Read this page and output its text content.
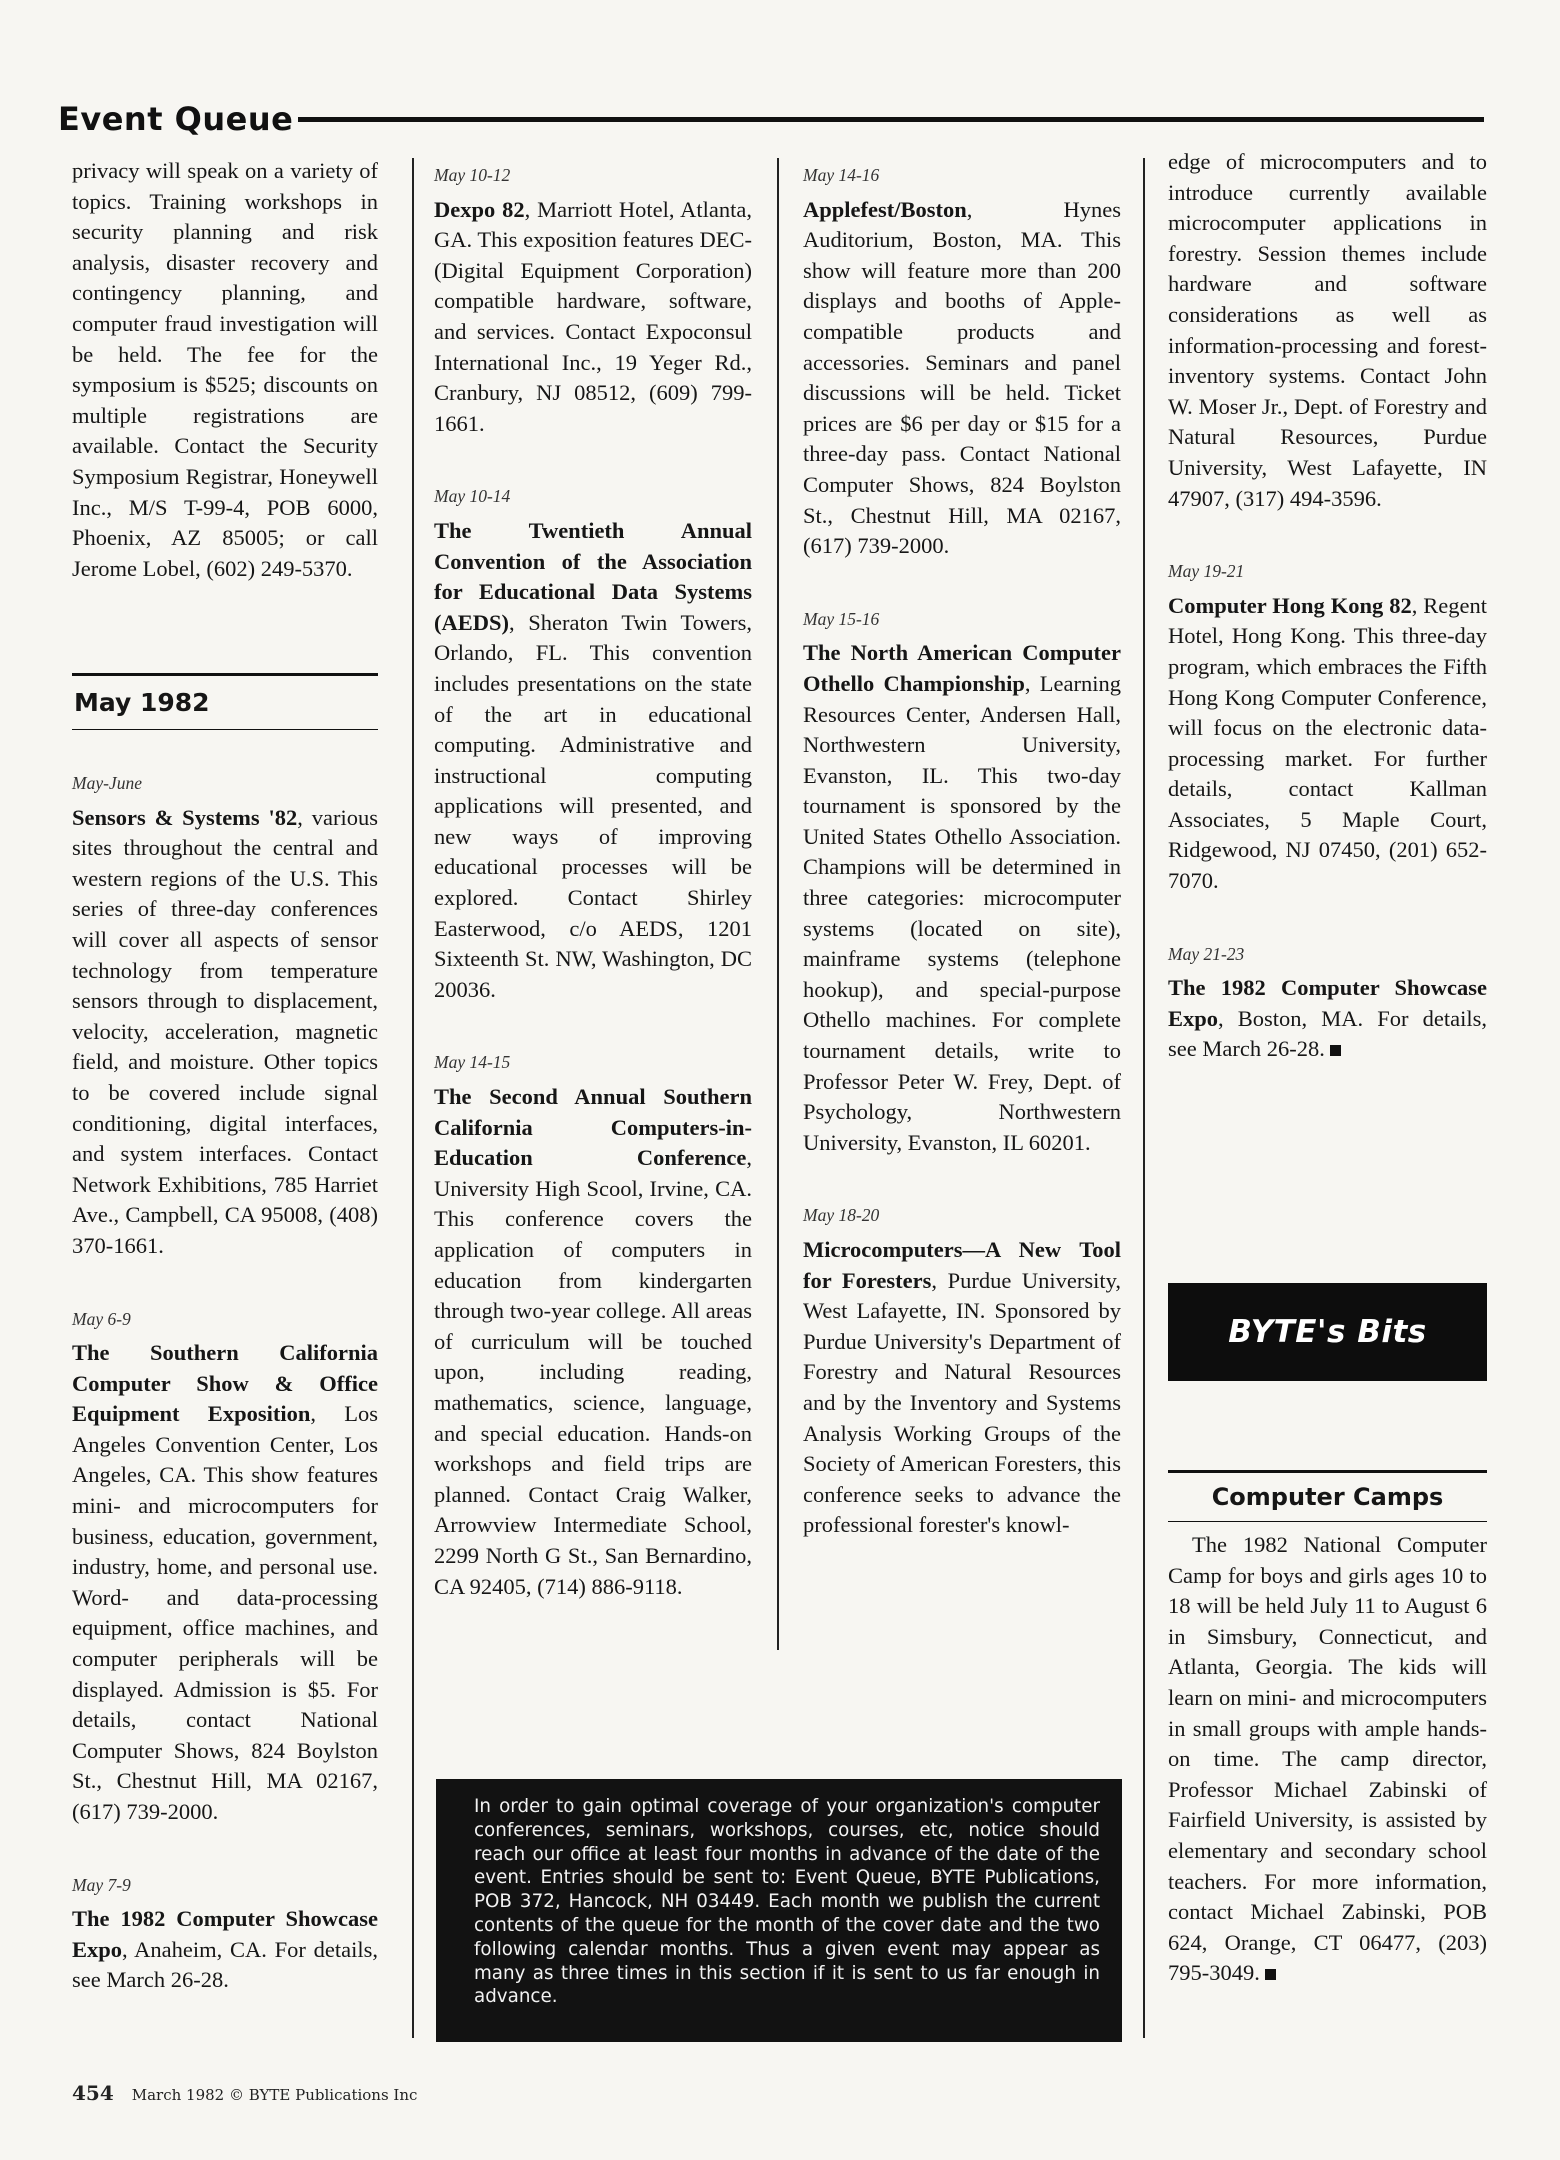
Event Queue

privacy will speak on a variety of topics. Training workshops in security planning and risk analysis, disaster recovery and contingency planning, and computer fraud investigation will be held. The fee for the symposium is $525; discounts on multiple registrations are available. Contact the Security Symposium Registrar, Honeywell Inc., M/S T-99-4, POB 6000, Phoenix, AZ 85005; or call Jerome Lobel, (602) 249-5370.

May 1982
May-June

Sensors & Systems '82, various sites throughout the central and western regions of the U.S. This series of three-day conferences will cover all aspects of sensor technology from temperature sensors through to displacement, velocity, acceleration, magnetic field, and moisture. Other topics to be covered include signal conditioning, digital interfaces, and system interfaces. Contact Network Exhibitions, 785 Harriet Ave., Campbell, CA 95008, (408) 370-1661.

May 6-9

The Southern California Computer Show & Office Equipment Exposition, Los Angeles Convention Center, Los Angeles, CA. This show features mini- and microcomputers for business, education, government, industry, home, and personal use. Word- and data-processing equipment, office machines, and computer peripherals will be displayed. Admission is $5. For details, contact National Computer Shows, 824 Boylston St., Chestnut Hill, MA 02167, (617) 739-2000.

May 7-9

The 1982 Computer Showcase Expo, Anaheim, CA. For details, see March 26-28.

May 10-12

Dexpo 82, Marriott Hotel, Atlanta, GA. This exposition features DEC- (Digital Equipment Corporation) compatible hardware, software, and services. Contact Expoconsul International Inc., 19 Yeger Rd., Cranbury, NJ 08512, (609) 799-1661.

May 10-14

The Twentieth Annual Convention of the Association for Educational Data Systems (AEDS), Sheraton Twin Towers, Orlando, FL. This convention includes presentations on the state of the art in educational computing. Administrative and instructional computing applications will presented, and new ways of improving educational processes will be explored. Contact Shirley Easterwood, c/o AEDS, 1201 Sixteenth St. NW, Washington, DC 20036.

May 14-15

The Second Annual Southern California Computers-in-Education Conference, University High Scool, Irvine, CA. This conference covers the application of computers in education from kindergarten through two-year college. All areas of curriculum will be touched upon, including reading, mathematics, science, language, and special education. Hands-on workshops and field trips are planned. Contact Craig Walker, Arrowview Intermediate School, 2299 North G St., San Bernardino, CA 92405, (714) 886-9118.

May 14-16

Applefest/Boston, Hynes Auditorium, Boston, MA. This show will feature more than 200 displays and booths of Apple-compatible products and accessories. Seminars and panel discussions will be held. Ticket prices are $6 per day or $15 for a three-day pass. Contact National Computer Shows, 824 Boylston St., Chestnut Hill, MA 02167, (617) 739-2000.

May 15-16

The North American Computer Othello Championship, Learning Resources Center, Andersen Hall, Northwestern University, Evanston, IL. This two-day tournament is sponsored by the United States Othello Association. Champions will be determined in three categories: microcomputer systems (located on site), mainframe systems (telephone hookup), and special-purpose Othello machines. For complete tournament details, write to Professor Peter W. Frey, Dept. of Psychology, Northwestern University, Evanston, IL 60201.

May 18-20

Microcomputers—A New Tool for Foresters, Purdue University, West Lafayette, IN. Sponsored by Purdue University's Department of Forestry and Natural Resources and by the Inventory and Systems Analysis Working Groups of the Society of American Foresters, this conference seeks to advance the professional forester's knowl-

edge of microcomputers and to introduce currently available microcomputer applications in forestry. Session themes include hardware and software considerations as well as information-processing and forest-inventory systems. Contact John W. Moser Jr., Dept. of Forestry and Natural Resources, Purdue University, West Lafayette, IN 47907, (317) 494-3596.

May 19-21

Computer Hong Kong 82, Regent Hotel, Hong Kong. This three-day program, which embraces the Fifth Hong Kong Computer Conference, will focus on the electronic data-processing market. For further details, contact Kallman Associates, 5 Maple Court, Ridgewood, NJ 07450, (201) 652-7070.

May 21-23

The 1982 Computer Showcase Expo, Boston, MA. For details, see March 26-28.

BYTE's Bits
Computer Camps

The 1982 National Computer Camp for boys and girls ages 10 to 18 will be held July 11 to August 6 in Simsbury, Connecticut, and Atlanta, Georgia. The kids will learn on mini- and microcomputers in small groups with ample hands-on time. The camp director, Professor Michael Zabinski of Fairfield University, is assisted by elementary and secondary school teachers. For more information, contact Michael Zabinski, POB 624, Orange, CT 06477, (203) 795-3049.

In order to gain optimal coverage of your organization's computer conferences, seminars, workshops, courses, etc, notice should reach our office at least four months in advance of the date of the event. Entries should be sent to: Event Queue, BYTE Publications, POB 372, Hancock, NH 03449. Each month we publish the current contents of the queue for the month of the cover date and the two following calendar months. Thus a given event may appear as many as three times in this section if it is sent to us far enough in advance.
454 March 1982 © BYTE Publications Inc
